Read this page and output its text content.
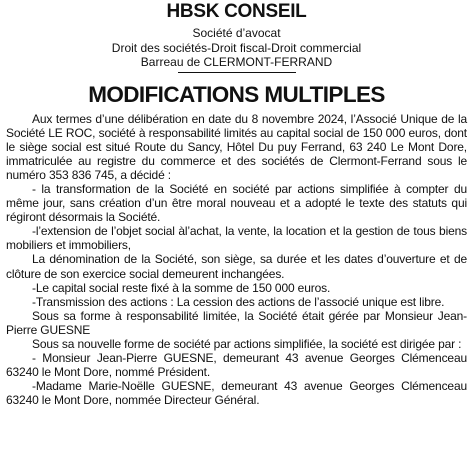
HBSK CONSEIL
Société d’avocat
Droit des sociétés-Droit fiscal-Droit commercial
Barreau de CLERMONT-FERRAND
MODIFICATIONS MULTIPLES

Aux termes d’une délibération en date du 8 novembre 2024, l’Associé Unique de la Société LE ROC, société à responsabilité limités au capital social de 150 000 euros, dont le siège social est situé Route du Sancy, Hôtel Du puy Ferrand, 63 240 Le Mont Dore, immatriculée au registre du commerce et des sociétés de Clermont-Ferrand sous le numéro 353 836 745, a décidé :

- la transformation de la Société en société par actions simplifiée à compter du même jour, sans création d’un être moral nouveau et a adopté le texte des statuts qui régiront désormais la Société.

-l’extension de l’objet social àl’achat, la vente, la location et la gestion de tous biens mobiliers et immobiliers,

La dénomination de la Société, son siège, sa durée et les dates d’ouverture et de clôture de son exercice social demeurent inchangées.

-Le capital social reste fixé à la somme de 150 000 euros.

-Transmission des actions : La cession des actions de l’associé unique est libre.

Sous sa forme à responsabilité limitée, la Société était gérée par Monsieur Jean-Pierre GUESNE

Sous sa nouvelle forme de société par actions simplifiée, la société est dirigée par :

- Monsieur Jean-Pierre GUESNE, demeurant 43 avenue Georges Clémenceau 63240 le Mont Dore, nommé Président.

-Madame Marie-Noëlle GUESNE, demeurant 43 avenue Georges Clémenceau 63240 le Mont Dore, nommée Directeur Général.
